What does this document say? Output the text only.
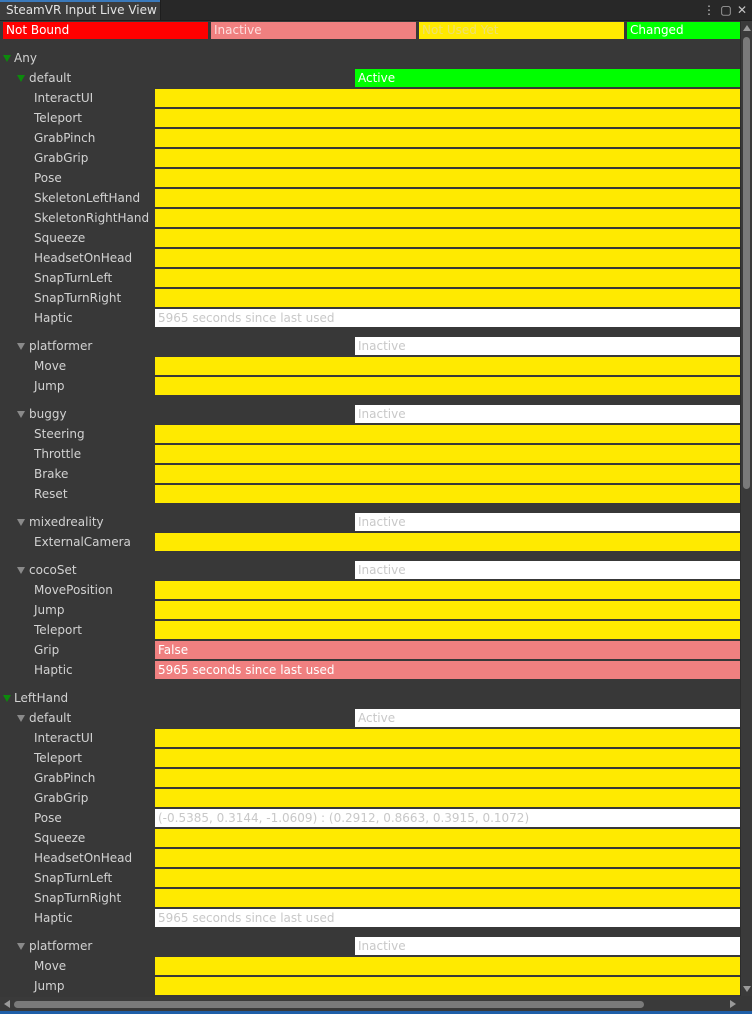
SteamVR Input Live View	⋮ ▢ ✕
Not Bound	Inactive	Not Used Yet	Changed
Any
default	Active
InteractUI
Teleport
GrabPinch
GrabGrip
Pose
SkeletonLeftHand
SkeletonRightHand
Squeeze
HeadsetOnHead
SnapTurnLeft
SnapTurnRight
Haptic	5965 seconds since last used
platformer	Inactive
Move
Jump
buggy	Inactive
Steering
Throttle
Brake
Reset
mixedreality	Inactive
ExternalCamera
cocoSet	Inactive
MovePosition
Jump
Teleport
Grip	False
Haptic	5965 seconds since last used
LeftHand
default	Active
InteractUI
Teleport
GrabPinch
GrabGrip
Pose	(-0.5385, 0.3144, -1.0609) : (0.2912, 0.8663, 0.3915, 0.1072)
Squeeze
HeadsetOnHead
SnapTurnLeft
SnapTurnRight
Haptic	5965 seconds since last used
platformer	Inactive
Move
Jump
